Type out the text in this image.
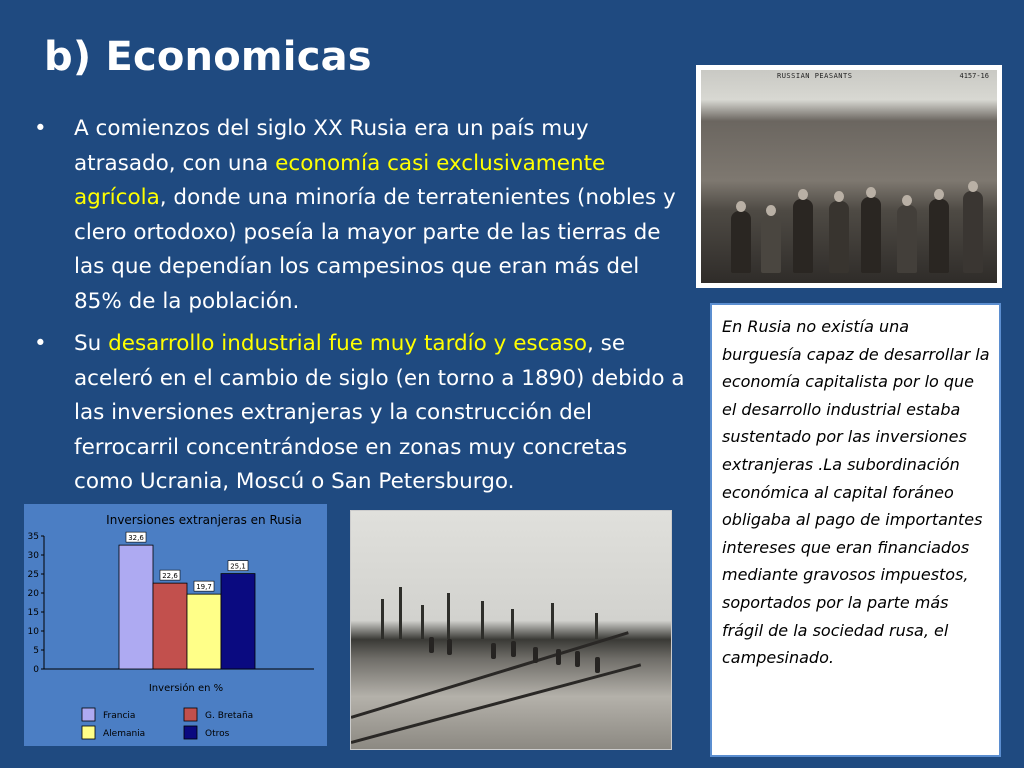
b) Economicas
• A comienzos del siglo XX Rusia era un país muy atrasado, con una economía casi exclusivamente agrícola, donde una minoría de terratenientes (nobles y clero ortodoxo) poseía la mayor parte de las tierras de las que dependían los campesinos que eran más del 85% de la población.
• Su desarrollo industrial fue muy tardío y escaso, se aceleró en el cambio de siglo (en torno a 1890) debido a las inversiones extranjeras y la construcción del ferrocarril concentrándose en zonas muy concretas como Ucrania, Moscú o San Petersburgo.
RUSSIAN PEASANTS	4157-16
En Rusia no existía una burguesía capaz de desarrollar la economía capitalista por lo que el desarrollo industrial estaba sustentado por las inversiones extranjeras .La subordinación económica al capital foráneo obligaba al pago de importantes intereses que eran financiados mediante gravosos impuestos, soportados por la parte más frágil de la sociedad rusa, el campesinado.
Inversiones extranjeras en Rusia
Inversión en %
0
5
10
15
20
25
30
35	32,6
22,6
19,7
25,1
Francia	G. Bretaña
Alemania	Otros
